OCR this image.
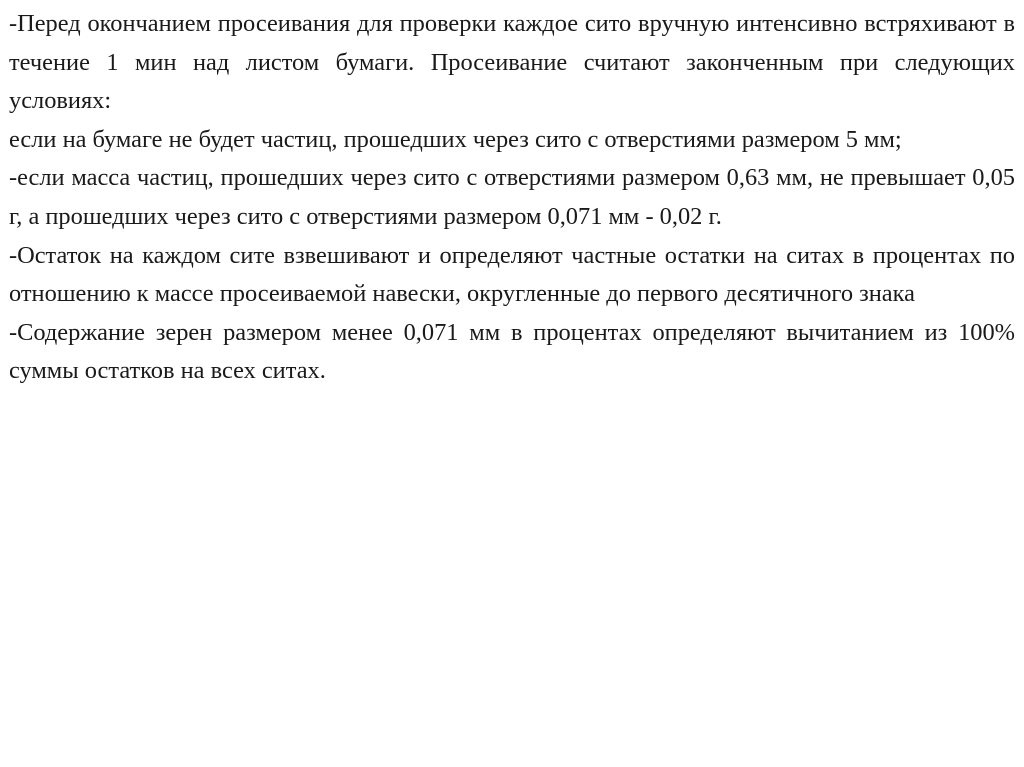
-Перед окончанием просеивания для проверки каждое сито вручную интенсивно встряхивают в течение 1 мин над листом бумаги. Просеивание считают законченным при следующих условиях:

если на бумаге не будет частиц, прошедших через сито с отверстиями размером 5 мм;

-если масса частиц, прошедших через сито с отверстиями размером 0,63 мм, не превышает 0,05 г, а прошедших через сито с отверстиями размером 0,071 мм - 0,02 г.

-Остаток на каждом сите взвешивают и определяют частные остатки на ситах в процентах по отношению к массе просеиваемой навески, округленные до первого десятичного знака

-Содержание зерен размером менее 0,071 мм в процентах определяют вычитанием из 100% суммы остатков на всех ситах.
